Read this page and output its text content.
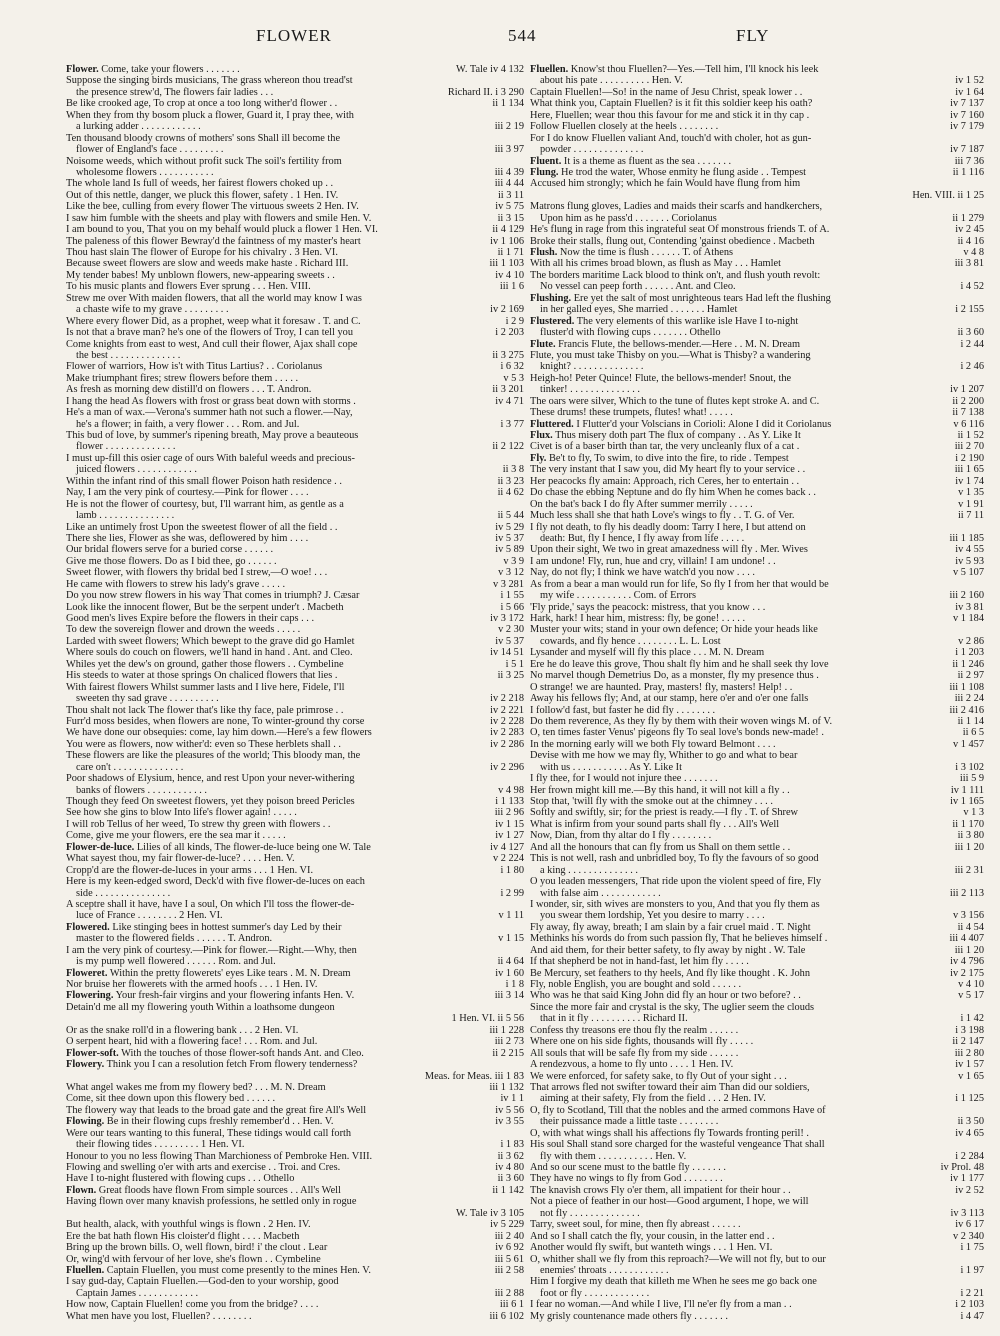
FLOWER	544	FLY
Flower. Come, take your flowers . . . . . . .	W. Tale iv 4 132
Suppose the singing birds musicians, The grass whereon thou tread'st
the presence strew'd, The flowers fair ladies . . .	Richard II. i 3 290
Be like crooked age, To crop at once a too long wither'd flower . .	ii 1 134
When they from thy bosom pluck a flower, Guard it, I pray thee, with
a lurking adder . . . . . . . . . . . .	iii 2 19
Ten thousand bloody crowns of mothers' sons Shall ill become the
flower of England's face . . . . . . . . .	iii 3 97
Noisome weeds, which without profit suck The soil's fertility from
wholesome flowers . . . . . . . . . . .	iii 4 39
The whole land Is full of weeds, her fairest flowers choked up . .	iii 4 44
Out of this nettle, danger, we pluck this flower, safety . 1 Hen. IV.	ii 3 11
Like the bee, culling from every flower The virtuous sweets 2 Hen. IV.	iv 5 75
I saw him fumble with the sheets and play with flowers and smile Hen. V.	ii 3 15
I am bound to you, That you on my behalf would pluck a flower 1 Hen. VI.	ii 4 129
The paleness of this flower Bewray'd the faintness of my master's heart	iv 1 106
Thou hast slain The flower of Europe for his chivalry . 3 Hen. VI.	ii 1 71
Because sweet flowers are slow and weeds make haste . Richard III.	iii 1 103
My tender babes! My unblown flowers, new-appearing sweets . .	iv 4 10
To his music plants and flowers Ever sprung . . . Hen. VIII.	iii 1 6
Strew me over With maiden flowers, that all the world may know I was
a chaste wife to my grave . . . . . . . . .	iv 2 169
Where every flower Did, as a prophet, weep what it foresaw . T. and C.	i 2 9
Is not that a brave man? he's one of the flowers of Troy, I can tell you	i 2 203
Come knights from east to west, And cull their flower, Ajax shall cope
the best . . . . . . . . . . . . . .	ii 3 275
Flower of warriors, How is't with Titus Lartius? . . Coriolanus	i 6 32
Make triumphant fires; strew flowers before them . . . . .	v 5 3
As fresh as morning dew distill'd on flowers . . . T. Andron.	ii 3 201
I hang the head As flowers with frost or grass beat down with storms .	iv 4 71
He's a man of wax.—Verona's summer hath not such a flower.—Nay,
he's a flower; in faith, a very flower . . . Rom. and Jul.	i 3 77
This bud of love, by summer's ripening breath, May prove a beauteous
flower . . . . . . . . . . . . . .	ii 2 122
I must up-fill this osier cage of ours With baleful weeds and precious-
juiced flowers . . . . . . . . . . . .	ii 3 8
Within the infant rind of this small flower Poison hath residence . .	ii 3 23
Nay, I am the very pink of courtesy.—Pink for flower . . . .	ii 4 62
He is not the flower of courtesy, but, I'll warrant him, as gentle as a
lamb . . . . . . . . . . . . . . .	ii 5 44
Like an untimely frost Upon the sweetest flower of all the field . .	iv 5 29
There she lies, Flower as she was, deflowered by him . . . .	iv 5 37
Our bridal flowers serve for a buried corse . . . . . .	iv 5 89
Give me those flowers. Do as I bid thee, go . . . . . .	v 3 9
Sweet flower, with flowers thy bridal bed I strew,—O woe! . . .	v 3 12
He came with flowers to strew his lady's grave . . . . .	v 3 281
Do you now strew flowers in his way That comes in triumph? J. Cæsar	i 1 55
Look like the innocent flower, But be the serpent under't . Macbeth	i 5 66
Good men's lives Expire before the flowers in their caps . . .	iv 3 172
To dew the sovereign flower and drown the weeds . . . . .	v 2 30
Larded with sweet flowers; Which bewept to the grave did go Hamlet	iv 5 37
Where souls do couch on flowers, we'll hand in hand . Ant. and Cleo.	iv 14 51
Whiles yet the dew's on ground, gather those flowers . . Cymbeline	i 5 1
His steeds to water at those springs On chaliced flowers that lies .	ii 3 25
With fairest flowers Whilst summer lasts and I live here, Fidele, I'll
sweeten thy sad grave . . . . . . . . . .	iv 2 218
Thou shalt not lack The flower that's like thy face, pale primrose . .	iv 2 221
Furr'd moss besides, when flowers are none, To winter-ground thy corse	iv 2 228
We have done our obsequies: come, lay him down.—Here's a few flowers	iv 2 283
You were as flowers, now wither'd: even so These herblets shall . .	iv 2 286
These flowers are like the pleasures of the world; This bloody man, the
care on't . . . . . . . . . . . . . .	iv 2 296
Poor shadows of Elysium, hence, and rest Upon your never-withering
banks of flowers . . . . . . . . . . . .	v 4 98
Though they feed On sweetest flowers, yet they poison breed Pericles	i 1 133
See how she gins to blow Into life's flower again! . . . . .	iii 2 96
I will rob Tellus of her weed, To strew thy green with flowers . .	iv 1 15
Come, give me your flowers, ere the sea mar it . . . . .	iv 1 27
Flower-de-luce. Lilies of all kinds, The flower-de-luce being one W. Tale	iv 4 127
What sayest thou, my fair flower-de-luce? . . . . Hen. V.	v 2 224
Cropp'd are the flower-de-luces in your arms . . . 1 Hen. VI.	i 1 80
Here is my keen-edged sword, Deck'd with five flower-de-luces on each
side . . . . . . . . . . . . . . .	i 2 99
A sceptre shall it have, have I a soul, On which I'll toss the flower-de-
luce of France . . . . . . . . 2 Hen. VI.	v 1 11
Flowered. Like stinging bees in hottest summer's day Led by their
master to the flowered fields . . . . . . T. Andron.	v 1 15
I am the very pink of courtesy.—Pink for flower.—Right.—Why, then
is my pump well flowered . . . . . . Rom. and Jul.	ii 4 64
Floweret. Within the pretty flowerets' eyes Like tears . M. N. Dream	iv 1 60
Nor bruise her flowerets with the armed hoofs . . . 1 Hen. IV.	i 1 8
Flowering. Your fresh-fair virgins and your flowering infants Hen. V.	iii 3 14
Detain'd me all my flowering youth Within a loathsome dungeon
1 Hen. VI. ii 5 56
Or as the snake roll'd in a flowering bank . . . 2 Hen. VI.	iii 1 228
O serpent heart, hid with a flowering face! . . . Rom. and Jul.	iii 2 73
Flower-soft. With the touches of those flower-soft hands Ant. and Cleo.	ii 2 215
Flowery. Think you I can a resolution fetch From flowery tenderness?
Meas. for Meas. iii 1 83
What angel wakes me from my flowery bed? . . . M. N. Dream	iii 1 132
Come, sit thee down upon this flowery bed . . . . . .	iv 1 1
The flowery way that leads to the broad gate and the great fire All's Well	iv 5 56
Flowing. Be in their flowing cups freshly remember'd . . Hen. V.	iv 3 55
Were our tears wanting to this funeral, These tidings would call forth
their flowing tides . . . . . . . . . 1 Hen. VI.	i 1 83
Honour to you no less flowing Than Marchioness of Pembroke Hen. VIII.	ii 3 62
Flowing and swelling o'er with arts and exercise . . Troi. and Cres.	iv 4 80
Have I to-night flustered with flowing cups . . . Othello	ii 3 60
Flown. Great floods have flown From simple sources . . All's Well	ii 1 142
Having flown over many knavish professions, he settled only in rogue
W. Tale iv 3 105
But health, alack, with youthful wings is flown . 2 Hen. IV.	iv 5 229
Ere the bat hath flown His cloister'd flight . . . . Macbeth	iii 2 40
Bring up the brown bills. O, well flown, bird! i' the clout . Lear	iv 6 92
Or, wing'd with fervour of her love, she's flown . . Cymbeline	iii 5 61
Fluellen. Captain Fluellen, you must come presently to the mines Hen. V.	iii 2 58
I say gud-day, Captain Fluellen.—God-den to your worship, good
Captain James . . . . . . . . . . . .	iii 2 88
How now, Captain Fluellen! come you from the bridge? . . . .	iii 6 1
What men have you lost, Fluellen? . . . . . . . .	iii 6 102
Fluellen. Know'st thou Fluellen?—Yes.—Tell him, I'll knock his leek
about his pate . . . . . . . . . . Hen. V.	iv 1 52
Captain Fluellen!—So! in the name of Jesu Christ, speak lower . .	iv 1 64
What think you, Captain Fluellen? is it fit this soldier keep his oath?	iv 7 137
Here, Fluellen; wear thou this favour for me and stick it in thy cap .	iv 7 160
Follow Fluellen closely at the heels . . . . . . . .	iv 7 179
For I do know Fluellen valiant And, touch'd with choler, hot as gun-
powder . . . . . . . . . . . . . .	iv 7 187
Fluent. It is a theme as fluent as the sea . . . . . . .	iii 7 36
Flung. He trod the water, Whose enmity he flung aside . . Tempest	ii 1 116
Accused him strongly; which he fain Would have flung from him
Hen. VIII. ii 1 25
Matrons flung gloves, Ladies and maids their scarfs and handkerchers,
Upon him as he pass'd . . . . . . . Coriolanus	ii 1 279
He's flung in rage from this ingrateful seat Of monstrous friends T. of A.	iv 2 45
Broke their stalls, flung out, Contending 'gainst obedience . Macbeth	ii 4 16
Flush. Now the time is flush . . . . . . T. of Athens	v 4 8
With all his crimes broad blown, as flush as May . . . Hamlet	iii 3 81
The borders maritime Lack blood to think on't, and flush youth revolt:
No vessel can peep forth . . . . . . Ant. and Cleo.	i 4 52
Flushing. Ere yet the salt of most unrighteous tears Had left the flushing
in her galled eyes, She married . . . . . . . Hamlet	i 2 155
Flustered. The very elements of this warlike isle Have I to-night
fluster'd with flowing cups . . . . . . . Othello	ii 3 60
Flute. Francis Flute, the bellows-mender.—Here . . M. N. Dream	i 2 44
Flute, you must take Thisby on you.—What is Thisby? a wandering
knight? . . . . . . . . . . . . . .	i 2 46
Heigh-ho! Peter Quince! Flute, the bellows-mender! Snout, the
tinker! . . . . . . . . . . . . . .	iv 1 207
The oars were silver, Which to the tune of flutes kept stroke A. and C.	ii 2 200
These drums! these trumpets, flutes! what! . . . . .	ii 7 138
Fluttered. I Flutter'd your Volscians in Corioli: Alone I did it Coriolanus	v 6 116
Flux. Thus misery doth part The flux of company . . As Y. Like It	ii 1 52
Civet is of a baser birth than tar, the very uncleanly flux of a cat .	iii 2 70
Fly. Be't to fly, To swim, to dive into the fire, to ride . Tempest	i 2 190
The very instant that I saw you, did My heart fly to your service . .	iii 1 65
Her peacocks fly amain: Approach, rich Ceres, her to entertain . .	iv 1 74
Do chase the ebbing Neptune and do fly him When he comes back . .	v 1 35
On the bat's back I do fly After summer merrily . . . . .	v 1 91
Much less shall she that hath Love's wings to fly . . T. G. of Ver.	ii 7 11
I fly not death, to fly his deadly doom: Tarry I here, I but attend on
death: But, fly I hence, I fly away from life . . . . .	iii 1 185
Upon their sight, We two in great amazedness will fly . Mer. Wives	iv 4 55
I am undone! Fly, run, hue and cry, villain! I am undone! . .	iv 5 93
Nay, do not fly; I think we have watch'd you now . . . .	v 5 107
As from a bear a man would run for life, So fly I from her that would be
my wife . . . . . . . . . . . Com. of Errors	iii 2 160
'Fly pride,' says the peacock: mistress, that you know . . .	iv 3 81
Hark, hark! I hear him, mistress: fly, be gone! . . . . .	v 1 184
Muster your wits; stand in your own defence; Or hide your heads like
cowards, and fly hence . . . . . . . . L. L. Lost	v 2 86
Lysander and myself will fly this place . . . M. N. Dream	i 1 203
Ere he do leave this grove, Thou shalt fly him and he shall seek thy love	ii 1 246
No marvel though Demetrius Do, as a monster, fly my presence thus .	ii 2 97
O strange! we are haunted. Pray, masters! fly, masters! Help! . .	iii 1 108
Away his fellows fly; And, at our stamp, here o'er and o'er one falls	iii 2 24
I follow'd fast, but faster he did fly . . . . . . . .	iii 2 416
Do them reverence, As they fly by them with their woven wings M. of V.	ii 1 14
O, ten times faster Venus' pigeons fly To seal love's bonds new-made! .	ii 6 5
In the morning early will we both Fly toward Belmont . . . .	v 1 457
Devise with me how we may fly, Whither to go and what to bear
with us . . . . . . . . . . . As Y. Like It	i 3 102
I fly thee, for I would not injure thee . . . . . . .	iii 5 9
Her frown might kill me.—By this hand, it will not kill a fly . .	iv 1 111
Stop that, 'twill fly with the smoke out at the chimney . . . .	iv 1 165
Softly and swiftly, sir; for the priest is ready.—I fly . T. of Shrew	v 1 3
What is infirm from your sound parts shall fly . . . All's Well	ii 1 170
Now, Dian, from thy altar do I fly . . . . . . . .	ii 3 80
And all the honours that can fly from us Shall on them settle . .	iii 1 20
This is not well, rash and unbridled boy, To fly the favours of so good
a king . . . . . . . . . . . . . .	iii 2 31
O you leaden messengers, That ride upon the violent speed of fire, Fly
with false aim . . . . . . . . . . . .	iii 2 113
I wonder, sir, sith wives are monsters to you, And that you fly them as
you swear them lordship, Yet you desire to marry . . . .	v 3 156
Fly away, fly away, breath; I am slain by a fair cruel maid . T. Night	ii 4 54
Methinks his words do from such passion fly, That he believes himself .	iii 4 407
And aid them, for their better safety, to fly away by night . W. Tale	iii 1 20
If that shepherd be not in hand-fast, let him fly . . . . .	iv 4 796
Be Mercury, set feathers to thy heels, And fly like thought . K. John	iv 2 175
Fly, noble English, you are bought and sold . . . . . .	v 4 10
Who was he that said King John did fly an hour or two before? . .	v 5 17
Since the more fair and crystal is the sky, The uglier seem the clouds
that in it fly . . . . . . . . . . Richard II.	i 1 42
Confess thy treasons ere thou fly the realm . . . . . .	i 3 198
Where one on his side fights, thousands will fly . . . . .	ii 2 147
All souls that will be safe fly from my side . . . . . .	iii 2 80
A rendezvous, a home to fly unto . . . . 1 Hen. IV.	iv 1 57
We were enforced, for safety sake, to fly Out of your sight . . .	v 1 65
That arrows fled not swifter toward their aim Than did our soldiers,
aiming at their safety, Fly from the field . . . 2 Hen. IV.	i 1 125
O, fly to Scotland, Till that the nobles and the armed commons Have of
their puissance made a little taste . . . . . . . .	ii 3 50
O, with what wings shall his affections fly Towards fronting peril! .	iv 4 65
His soul Shall stand sore charged for the wasteful vengeance That shall
fly with them . . . . . . . . . . . Hen. V.	i 2 284
And so our scene must to the battle fly . . . . . . .	iv Prol. 48
They have no wings to fly from God . . . . . . . .	iv 1 177
The knavish crows Fly o'er them, all impatient for their hour . .	iv 2 52
Not a piece of feather in our host—Good argument, I hope, we will
not fly . . . . . . . . . . . . . .	iv 3 113
Tarry, sweet soul, for mine, then fly abreast . . . . . .	iv 6 17
And so I shall catch the fly, your cousin, in the latter end . .	v 2 340
Another would fly swift, but wanteth wings . . . 1 Hen. VI.	i 1 75
O, whither shall we fly from this reproach?—We will not fly, but to our
enemies' throats . . . . . . . . . . . .	i 1 97
Him I forgive my death that killeth me When he sees me go back one
foot or fly . . . . . . . . . . . . .	i 2 21
I fear no woman.—And while I live, I'll ne'er fly from a man . .	i 2 103
My grisly countenance made others fly . . . . . . .	i 4 47
